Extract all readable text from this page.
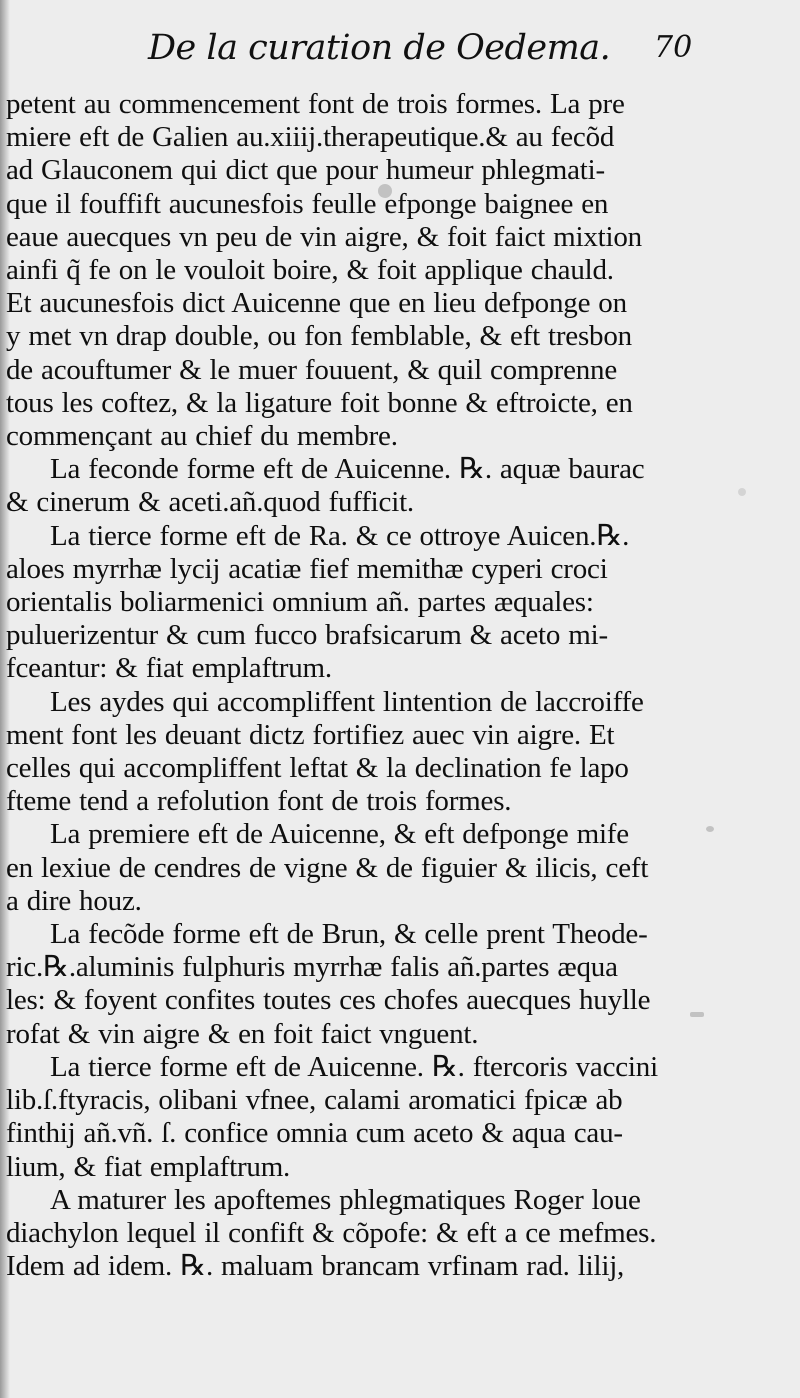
De la curation de Oedema. 70
petent au commencement font de trois formes. La pre
miere eft de Galien au.xiiij.therapeutique.& au fecõd
ad Glauconem qui dict que pour humeur phlegmati-
que il fouffift aucunesfois feulle efponge baignee en
eaue auecques vn peu de vin aigre, & foit faict mixtion
ainfi q̃ fe on le vouloit boire, & foit applique chauld.
Et aucunesfois dict Auicenne que en lieu defponge on
y met vn drap double, ou fon femblable, & eft tresbon
de acouftumer & le muer fouuent, & quil comprenne
tous les coftez, & la ligature foit bonne & eftroicte, en
commençant au chief du membre.
La feconde forme eft de Auicenne. ℞. aquæ baurac
& cinerum & aceti.añ.quod fufficit.
La tierce forme eft de Ra. & ce ottroye Auicen.℞.
aloes myrrhæ lycij acatiæ fief memithæ cyperi croci
orientalis boliarmenici omnium añ. partes æquales:
puluerizentur & cum fucco brafsicarum & aceto mi-
fceantur: & fiat emplaftrum.
Les aydes qui accompliffent lintention de laccroiffe
ment font les deuant dictz fortifiez auec vin aigre. Et
celles qui accompliffent leftat & la declination fe lapo
fteme tend a refolution font de trois formes.
La premiere eft de Auicenne, & eft defponge mife
en lexiue de cendres de vigne & de figuier & ilicis, ceft
a dire houz.
La fecõde forme eft de Brun, & celle prent Theode-
ric.℞.aluminis fulphuris myrrhæ falis añ.partes æqua
les: & foyent confites toutes ces chofes auecques huylle
rofat & vin aigre & en foit faict vnguent.
La tierce forme eft de Auicenne. ℞. ftercoris vaccini
lib.ſ.ftyracis, olibani vfnee, calami aromatici fpicæ ab
finthij añ.vñ. ſ. confice omnia cum aceto & aqua cau-
lium, & fiat emplaftrum.
A maturer les apoftemes phlegmatiques Roger loue
diachylon lequel il confift & cõpofe: & eft a ce mefmes.
Idem ad idem. ℞. maluam brancam vrfinam rad. lilij,
